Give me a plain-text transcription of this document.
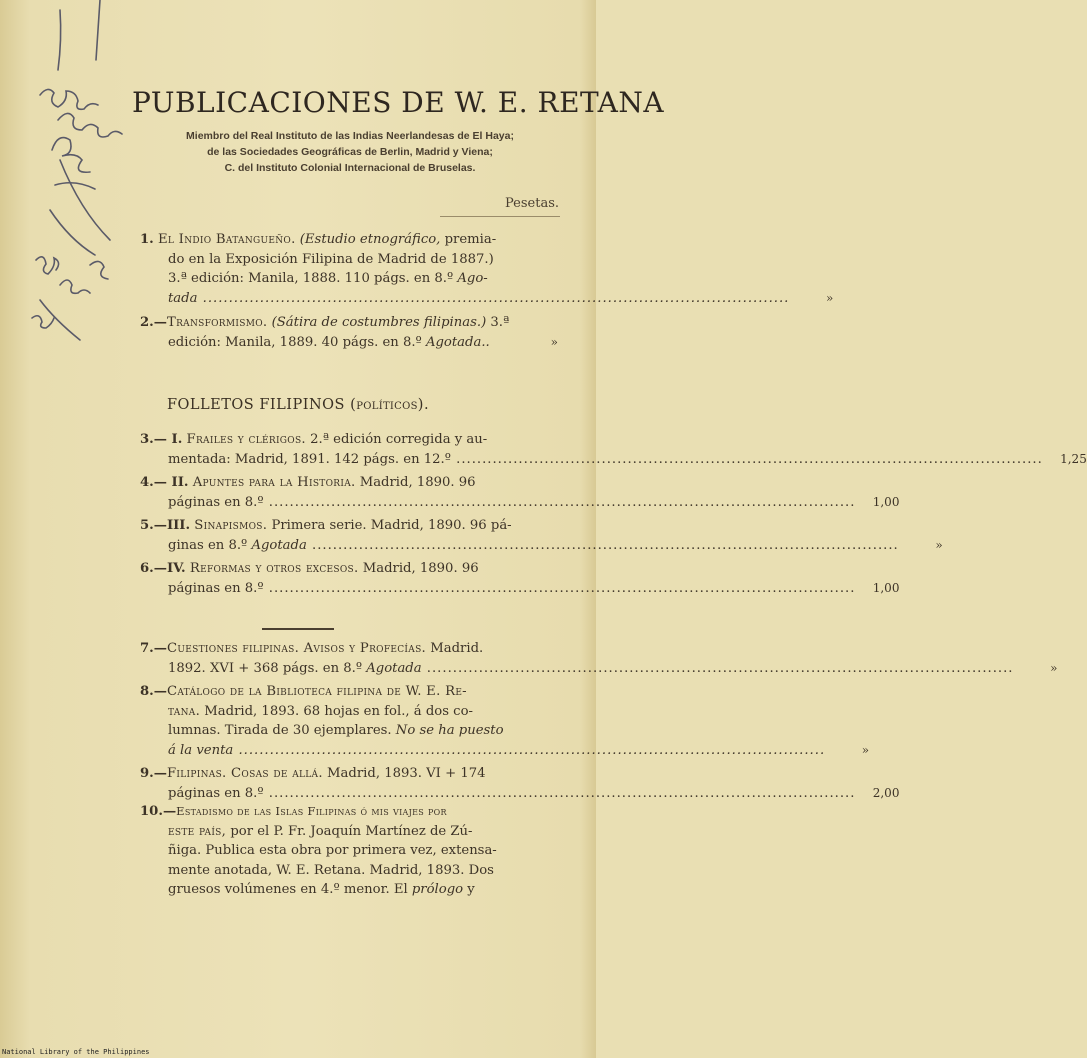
PUBLICACIONES DE W. E. RETANA
Miembro del Real Instituto de las Indias Neerlandesas de El Haya;
de las Sociedades Geográficas de Berlin, Madrid y Viena;
C. del Instituto Colonial Internacional de Bruselas.
Pesetas.
1. El Indio Batangueño. (Estudio etnográfico, premia-
do en la Exposición Filipina de Madrid de 1887.)
3.ª edición: Manila, 1888. 110 págs. en 8.º Ago-
tada .....	»
2.—Transformismo. (Sátira de costumbres filipinas.) 3.ª
edición: Manila, 1889. 40 págs. en 8.º Agotada..	»
FOLLETOS FILIPINOS (políticos).
3.— I. Frailes y clérigos. 2.ª edición corregida y au-
mentada: Madrid, 1891. 142 págs. en 12.º .....	1,25
4.— II. Apuntes para la Historia. Madrid, 1890. 96
páginas en 8.º .....	1,00
5.—III. Sinapismos. Primera serie. Madrid, 1890. 96 pá-
ginas en 8.º Agotada .....	»
6.—IV. Reformas y otros excesos. Madrid, 1890. 96
páginas en 8.º .....	1,00
7.—Cuestiones filipinas. Avisos y Profecías. Madrid.
1892. XVI + 368 págs. en 8.º Agotada .....	»
8.—Catálogo de la Biblioteca filipina de W. E. Re-
tana. Madrid, 1893. 68 hojas en fol., á dos co-
lumnas. Tirada de 30 ejemplares. No se ha puesto
á la venta .....	»
9.—Filipinas. Cosas de allá. Madrid, 1893. VI + 174
páginas en 8.º .....	2,00
10.—Estadismo de las Islas Filipinas ó mis viajes por
este país, por el P. Fr. Joaquín Martínez de Zú-
ñiga. Publica esta obra por primera vez, extensa-
mente anotada, W. E. Retana. Madrid, 1893. Dos
gruesos volúmenes en 4.º menor. El prólogo y
National Library of the Philippines
